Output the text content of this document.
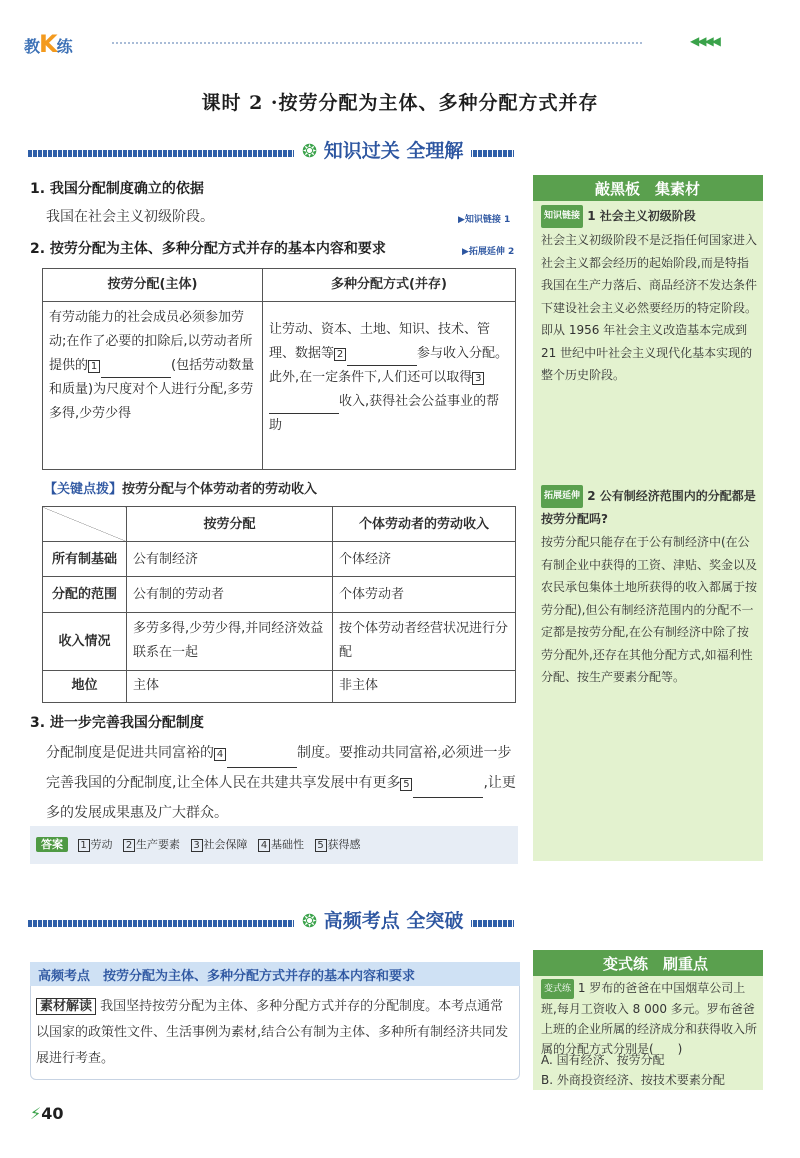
教K练	◀◀◀◀
课时 2 ·按劳分配为主体、多种分配方式并存
❂ 知识过关 全理解
1. 我国分配制度确立的依据
我国在社会主义初级阶段。	▶知识链接 1
2. 按劳分配为主体、多种分配方式并存的基本内容和要求	▶拓展延伸 2
按劳分配(主体)	多种分配方式(并存)
有劳动能力的社会成员必须参加劳动;在作了必要的扣除后,以劳动者所提供的 1 (包括劳动数量和质量)为尺度对个人进行分配,多劳多得,少劳少得	让劳动、资本、土地、知识、技术、管理、数据等 2 参与收入分配。此外,在一定条件下,人们还可以取得 3收入,获得社会公益事业的帮助
【关键点拨】按劳分配与个体劳动者的劳动收入
	按劳分配	个体劳动者的劳动收入
所有制基础	公有制经济	个体经济
分配的范围	公有制的劳动者	个体劳动者
收入情况	多劳多得,少劳少得,并同经济效益联系在一起	按个体劳动者经营状况进行分配
地位	主体	非主体
3. 进一步完善我国分配制度
分配制度是促进共同富裕的 4	制度。要推动共同富裕,必须进一步完善我国的分配制度,让全体人民在共建共享发展中有更多 5	,让更多的发展成果惠及广大群众。
答案 1 劳动 2 生产要素 3 社会保障 4 基础性 5 获得感
敲黑板　集素材
知识链接 1 社会主义初级阶段
社会主义初级阶段不是泛指任何国家进入社会主义都会经历的起始阶段,而是特指我国在生产力落后、商品经济不发达条件下建设社会主义必然要经历的特定阶段。即从 1956 年社会主义改造基本完成到 21 世纪中叶社会主义现代化基本实现的整个历史阶段。
拓展延伸 2 公有制经济范围内的分配都是按劳分配吗?
按劳分配只能存在于公有制经济中(在公有制企业中获得的工资、津贴、奖金以及农民承包集体土地所获得的收入都属于按劳分配),但公有制经济范围内的分配不一定都是按劳分配,在公有制经济中除了按劳分配外,还存在其他分配方式,如福利性分配、按生产要素分配等。
❂ 高频考点 全突破
高频考点　按劳分配为主体、多种分配方式并存的基本内容和要求
素材解读 我国坚持按劳分配为主体、多种分配方式并存的分配制度。本考点通常以国家的政策性文件、生活事例为素材,结合公有制为主体、多种所有制经济共同发展进行考查。
变式练　刷重点
变式练 1 罗布的爸爸在中国烟草公司上班,每月工资收入 8 000 多元。罗布爸爸上班的企业所属的经济成分和获得收入所属的分配方式分别是(　　)
A. 国有经济、按劳分配
B. 外商投资经济、按技术要素分配
⚡40
